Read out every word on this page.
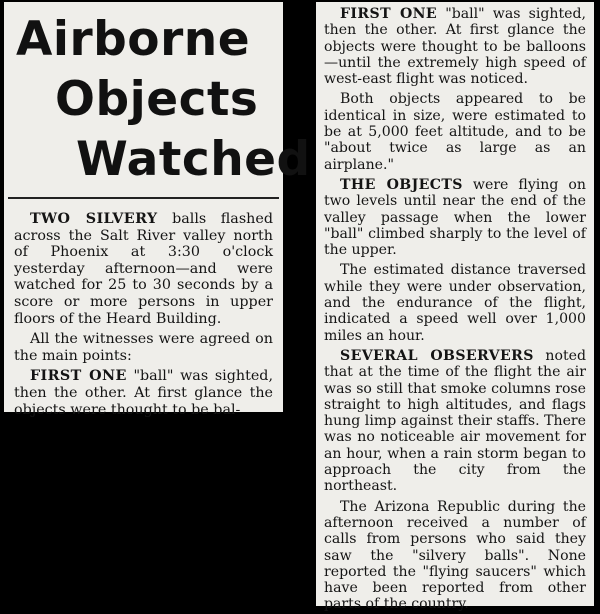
Airborne
Objects
Watched

TWO SILVERY balls flashed across the Salt River valley north of Phoenix at 3:30 o'clock yesterday afternoon—and were watched for 25 to 30 seconds by a score or more persons in upper floors of the Heard Building.

All the witnesses were agreed on the main points:

FIRST ONE "ball" was sighted, then the other. At first glance the objects were thought to be bal-

FIRST ONE "ball" was sighted, then the other. At first glance the objects were thought to be balloons—until the extremely high speed of west-east flight was noticed.

Both objects appeared to be identical in size, were estimated to be at 5,000 feet altitude, and to be "about twice as large as an airplane."

THE OBJECTS were flying on two levels until near the end of the valley passage when the lower "ball" climbed sharply to the level of the upper.

The estimated distance traversed while they were under observation, and the endurance of the flight, indicated a speed well over 1,000 miles an hour.

SEVERAL OBSERVERS noted that at the time of the flight the air was so still that smoke columns rose straight to high altitudes, and flags hung limp against their staffs. There was no noticeable air movement for an hour, when a rain storm began to approach the city from the northeast.

The Arizona Republic during the afternoon received a number of calls from persons who said they saw the "silvery balls". None reported the "flying saucers" which have been reported from other parts of the country.
